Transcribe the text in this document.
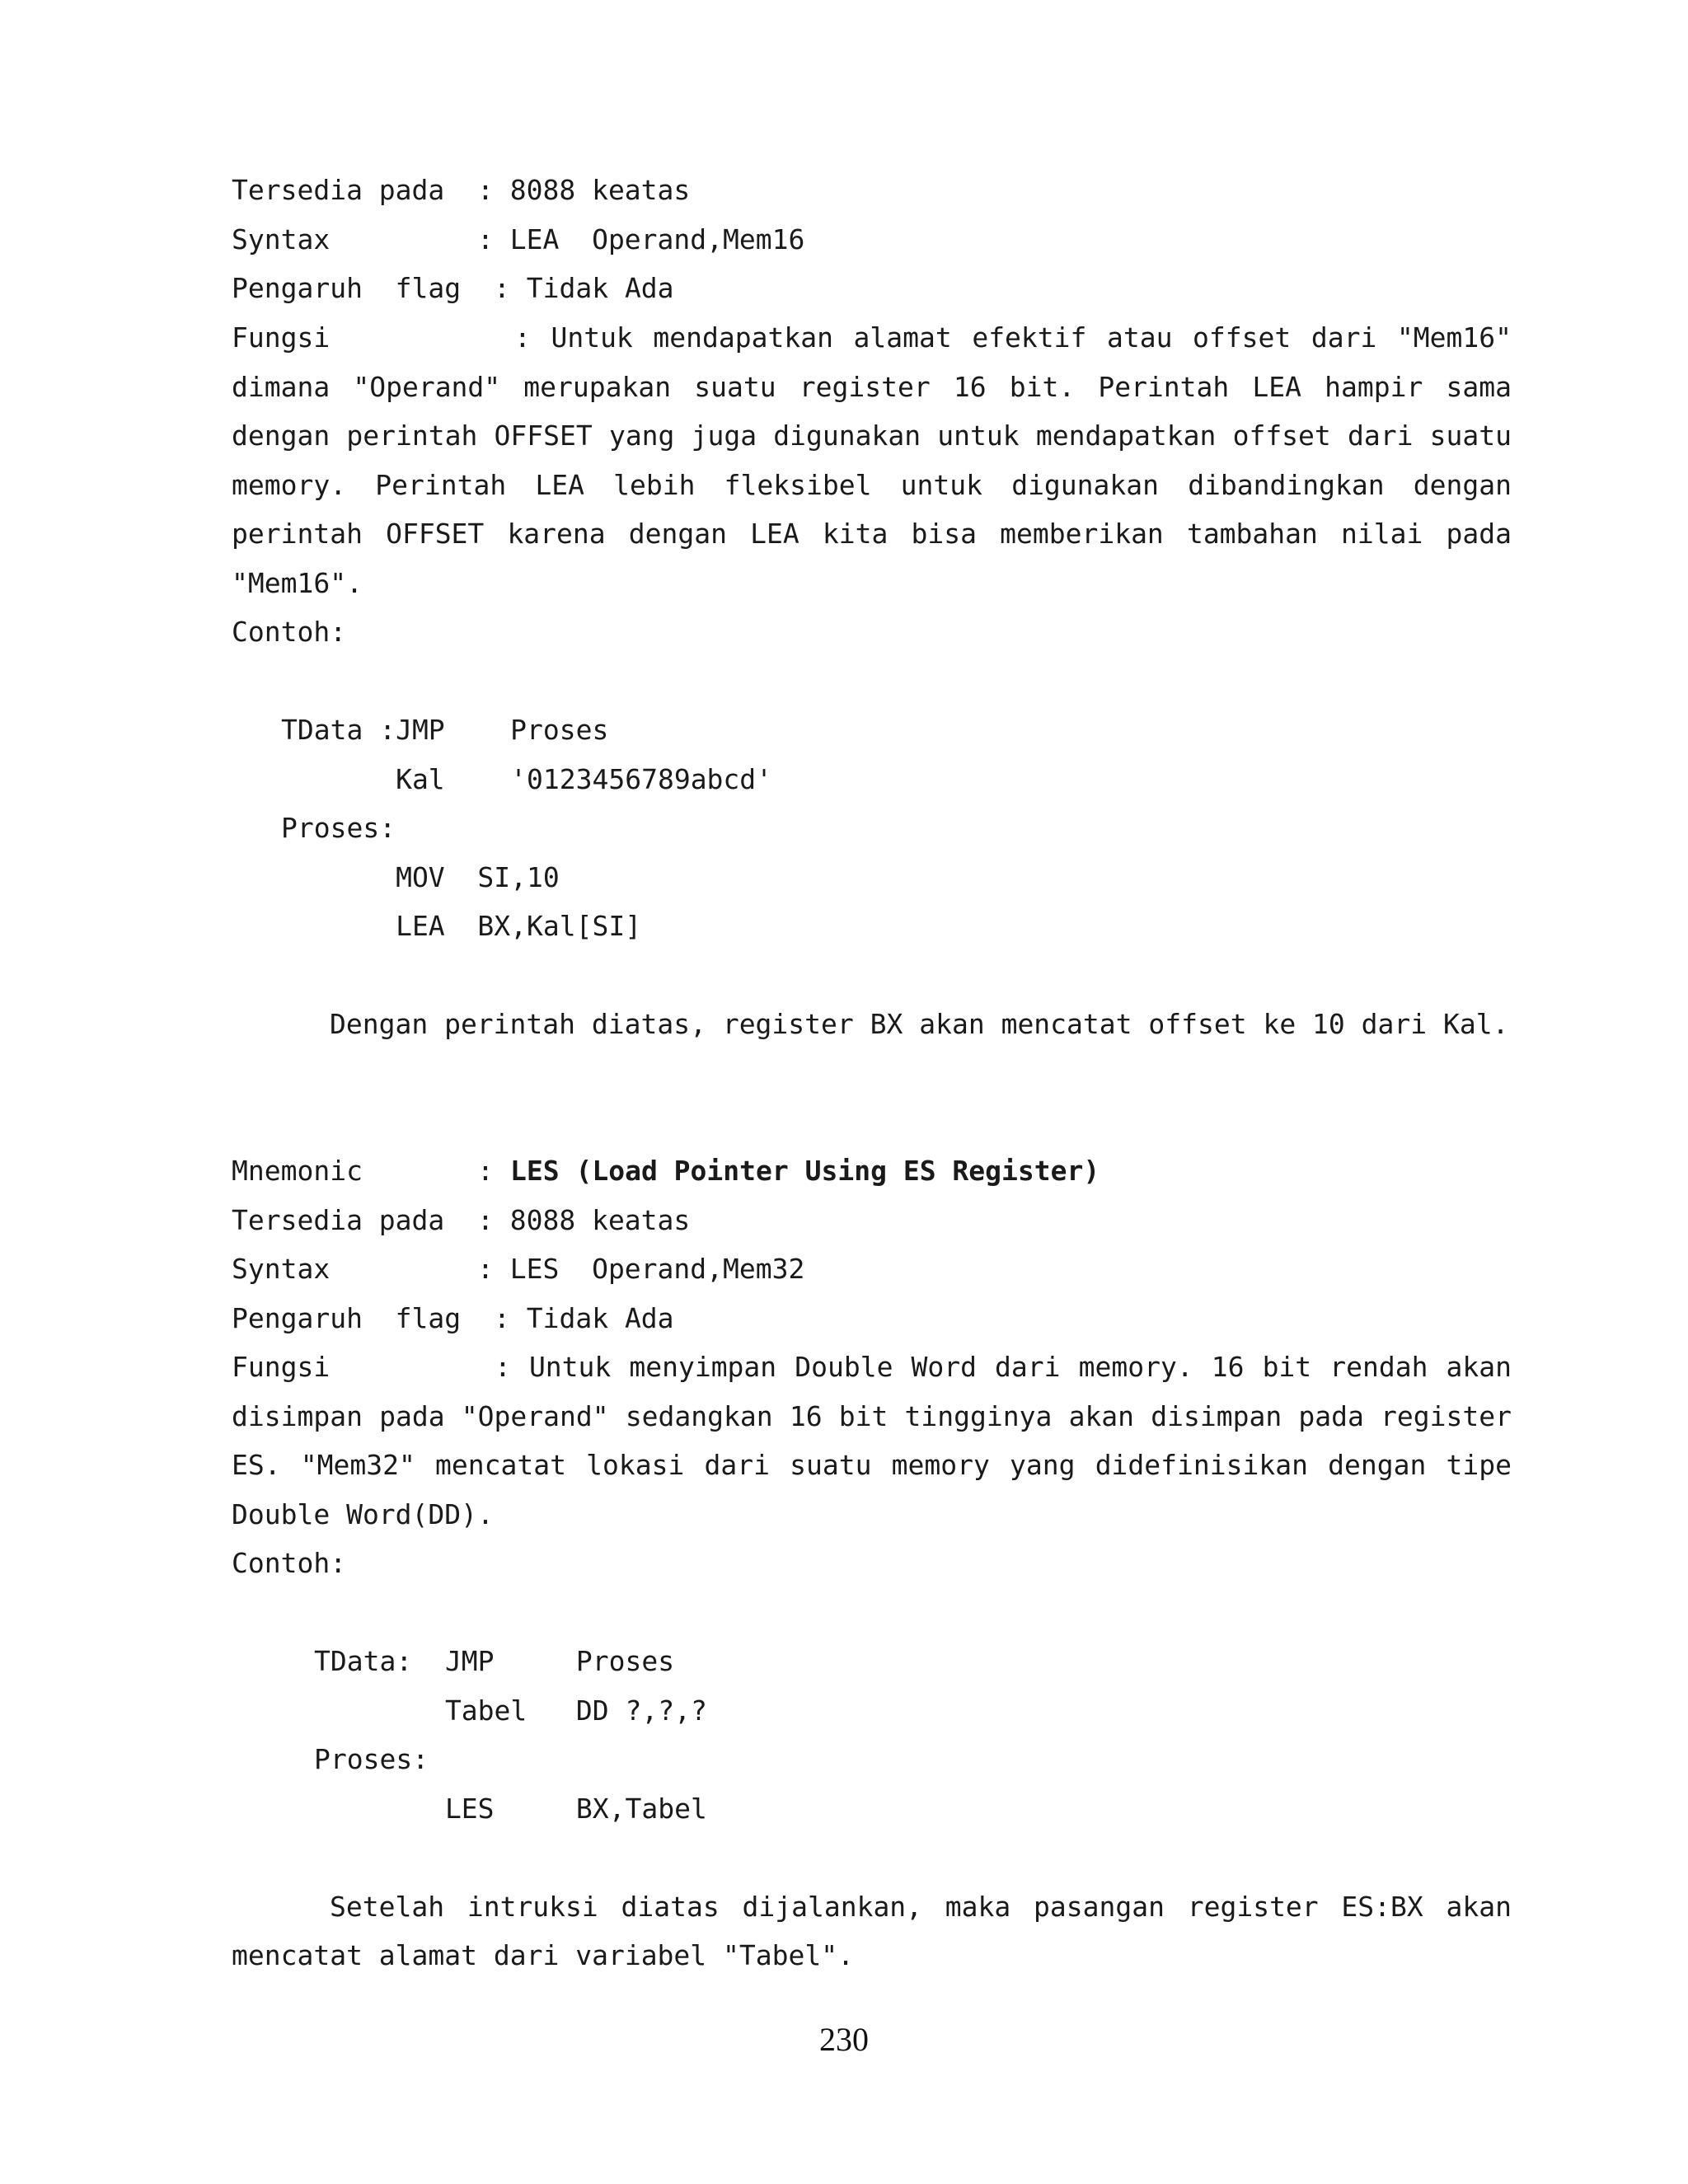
Tersedia pada : 8088 keatas
Syntax	: LEA  Operand,Mem16
Pengaruh  flag : Tidak Ada
Fungsi	: Untuk mendapatkan alamat efektif atau offset dari "Mem16"
dimana "Operand" merupakan suatu register 16 bit. Perintah LEA hampir sama
dengan perintah OFFSET yang juga digunakan untuk mendapatkan offset dari suatu
memory. Perintah LEA lebih fleksibel untuk digunakan dibandingkan dengan
perintah OFFSET karena dengan LEA kita bisa memberikan tambahan nilai pada
"Mem16".
Contoh:
TData :JMP    Proses
Kal    '0123456789abcd'
Proses:
MOV  SI,10
LEA  BX,Kal[SI]
Dengan perintah diatas, register BX akan mencatat offset ke 10 dari Kal.
Mnemonic	: LES (Load Pointer Using ES Register)
Tersedia pada : 8088 keatas
Syntax	: LES  Operand,Mem32
Pengaruh  flag : Tidak Ada
Fungsi	: Untuk menyimpan Double Word dari memory. 16 bit rendah akan
disimpan pada "Operand" sedangkan 16 bit tingginya akan disimpan pada register
ES. "Mem32" mencatat lokasi dari suatu memory yang didefinisikan dengan tipe
Double Word(DD).
Contoh:
TData:  JMP     Proses
Tabel   DD ?,?,?
Proses:
LES     BX,Tabel
Setelah intruksi diatas dijalankan, maka pasangan register ES:BX akan
mencatat alamat dari variabel "Tabel".
230
